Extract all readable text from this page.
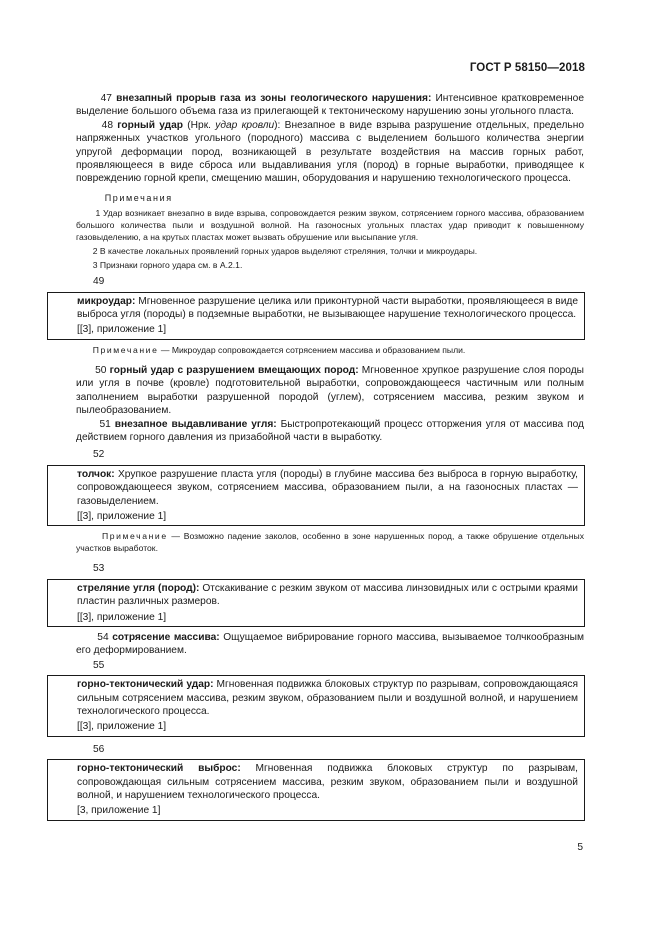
ГОСТ Р 58150—2018

47 внезапный прорыв газа из зоны геологического нарушения: Интенсивное кратковременное выделение большого объема газа из прилегающей к тектоническому нарушению зоны угольного пласта.

48 горный удар (Нрк. удар кровли): Внезапное в виде взрыва разрушение отдельных, предельно напряженных участков угольного (породного) массива с выделением большого количества энергии упругой деформации пород, возникающей в результате воздействия на массив горных работ, проявляющееся в виде сброса или выдавливания угля (пород) в горные выработки, приводящее к повреждению горной крепи, смещению машин, оборудования и нарушению технологического процесса.

Примечания

1 Удар возникает внезапно в виде взрыва, сопровождается резким звуком, сотрясением горного массива, образованием большого количества пыли и воздушной волной. На газоносных угольных пластах удар приводит к повышенному газовыделению, а на крутых пластах может вызвать обрушение или высыпание угля.

2 В качестве локальных проявлений горных ударов выделяют стреляния, толчки и микроудары.

3 Признаки горного удара см. в А.2.1.

49

микроудар: Мгновенное разрушение целика или приконтурной части выработки, проявляющееся в виде выброса угля (породы) в подземные выработки, не вызывающее нарушение технологического процесса.

[[3], приложение 1]

Примечание — Микроудар сопровождается сотрясением массива и образованием пыли.

50 горный удар с разрушением вмещающих пород: Мгновенное хрупкое разрушение слоя породы или угля в почве (кровле) подготовительной выработки, сопровождающееся частичным или полным заполнением выработки разрушенной породой (углем), сотрясением массива, резким звуком и пылеобразованием.

51 внезапное выдавливание угля: Быстропротекающий процесс отторжения угля от массива под действием горного давления из призабойной части в выработку.

52

толчок: Хрупкое разрушение пласта угля (породы) в глубине массива без выброса в горную выработку, сопровождающееся звуком, сотрясением массива, образованием пыли, а на газоносных пластах — газовыделением.

[[3], приложение 1]

Примечание — Возможно падение заколов, особенно в зоне нарушенных пород, а также обрушение отдельных участков выработок.

53

стреляние угля (пород): Отскакивание с резким звуком от массива линзовидных или с острыми краями пластин различных размеров.

[[3], приложение 1]

54 сотрясение массива: Ощущаемое вибрирование горного массива, вызываемое толчкообразным его деформированием.

55

горно-тектонический удар: Мгновенная подвижка блоковых структур по разрывам, сопровождающаяся сильным сотрясением массива, резким звуком, образованием пыли и воздушной волной, и нарушением технологического процесса.

[[3], приложение 1]

56

горно-тектонический выброс: Мгновенная подвижка блоковых структур по разрывам, сопровождающая сильным сотрясением массива, резким звуком, образованием пыли и воздушной волной, и нарушением технологического процесса.

[3, приложение 1]

5
